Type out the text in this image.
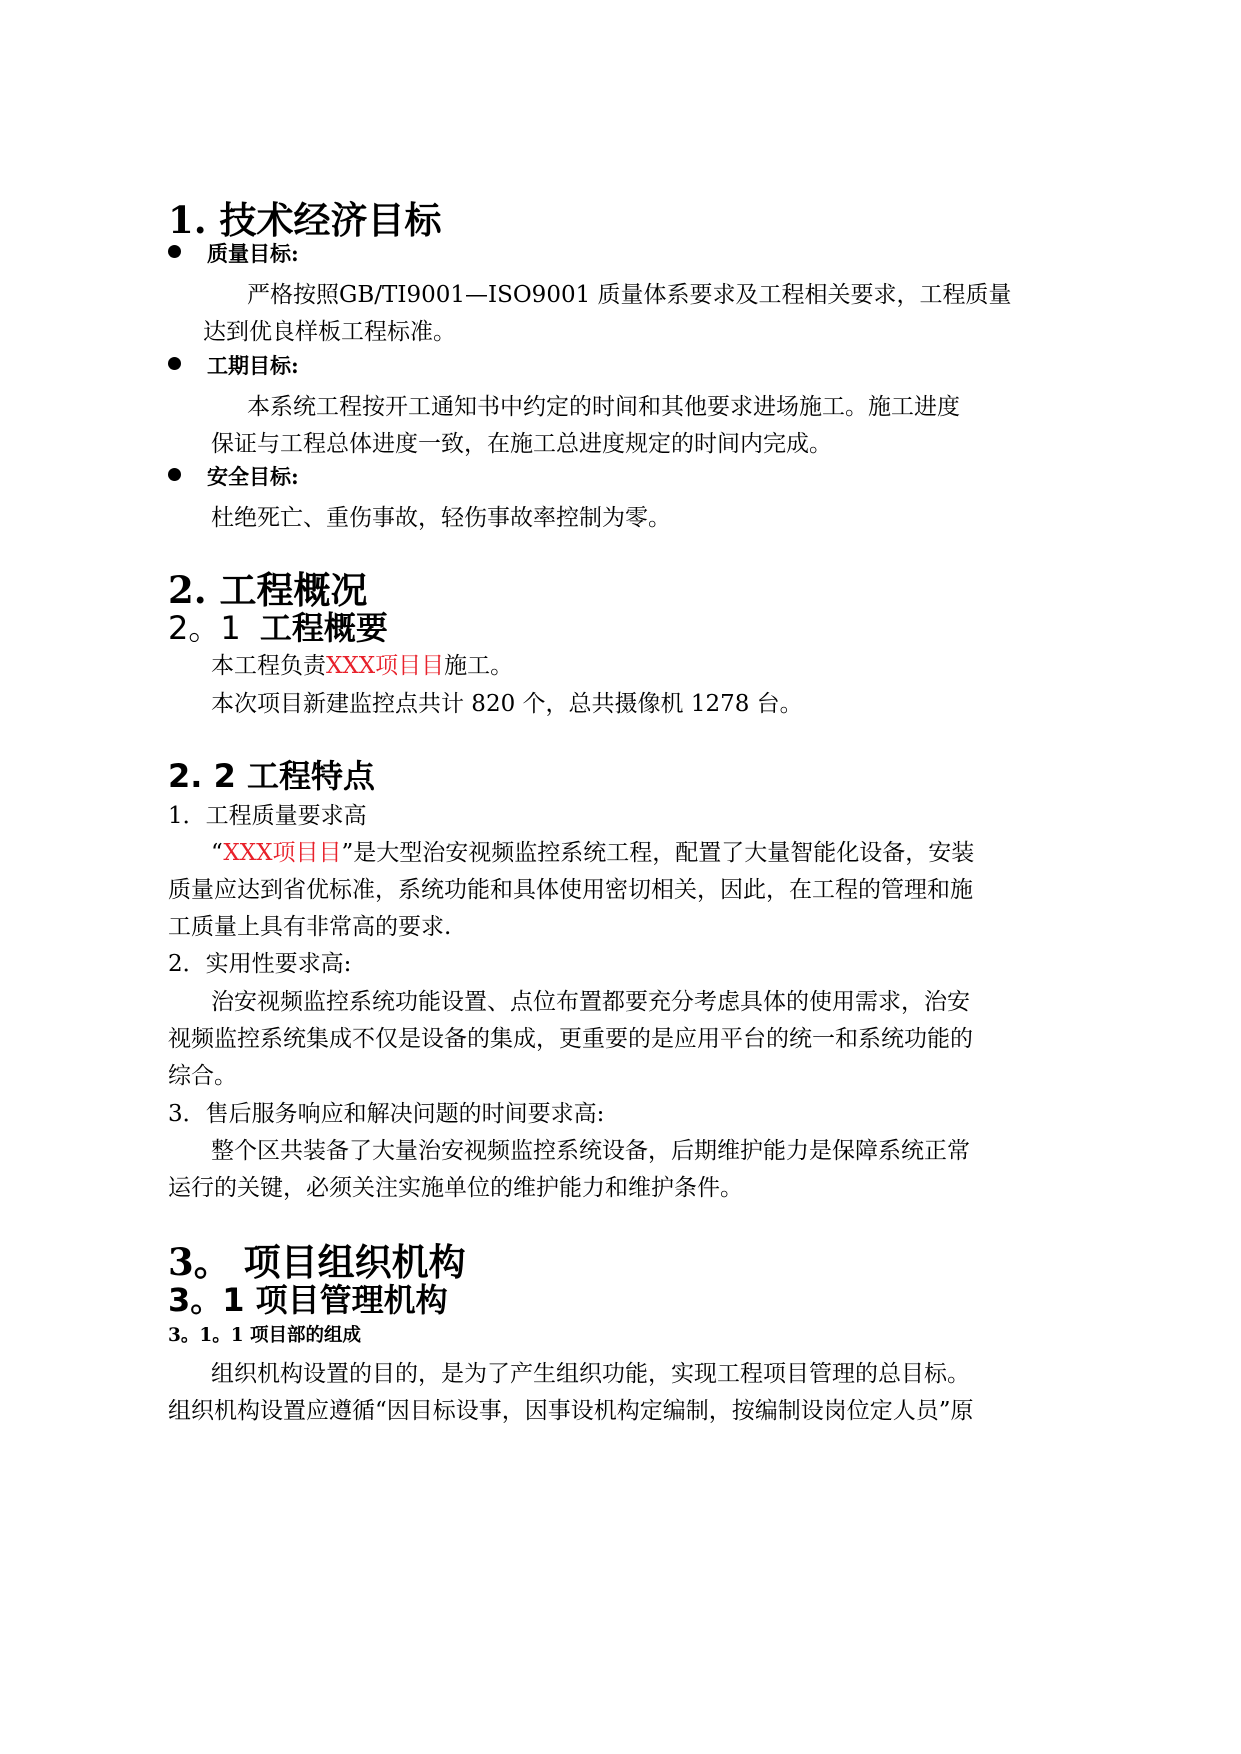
1. 技术经济目标
质量目标:
严格按照GB/TI9001—ISO9001 质量体系要求及工程相关要求，工程质量
达到优良样板工程标准。
工期目标:
本系统工程按开工通知书中约定的时间和其他要求进场施工。施工进度
保证与工程总体进度一致，在施工总进度规定的时间内完成。
安全目标:
杜绝死亡、重伤事故，轻伤事故率控制为零。
2. 工程概况
2。1 工程概要
本工程负责XXX项目目施工。
本次项目新建监控点共计 820 个，总共摄像机 1278 台。
2. 2 工程特点
1．工程质量要求高
“XXX项目目”是大型治安视频监控系统工程，配置了大量智能化设备，安装
质量应达到省优标准，系统功能和具体使用密切相关，因此，在工程的管理和施
工质量上具有非常高的要求.
2．实用性要求高:
治安视频监控系统功能设置、点位布置都要充分考虑具体的使用需求，治安
视频监控系统集成不仅是设备的集成，更重要的是应用平台的统一和系统功能的
综合。
3．售后服务响应和解决问题的时间要求高:
整个区共装备了大量治安视频监控系统设备，后期维护能力是保障系统正常
运行的关键，必须关注实施单位的维护能力和维护条件。
3。 项目组织机构
3。1 项目管理机构
3。1。1 项目部的组成
组织机构设置的目的，是为了产生组织功能，实现工程项目管理的总目标。
组织机构设置应遵循“因目标设事，因事设机构定编制，按编制设岗位定人员”原
